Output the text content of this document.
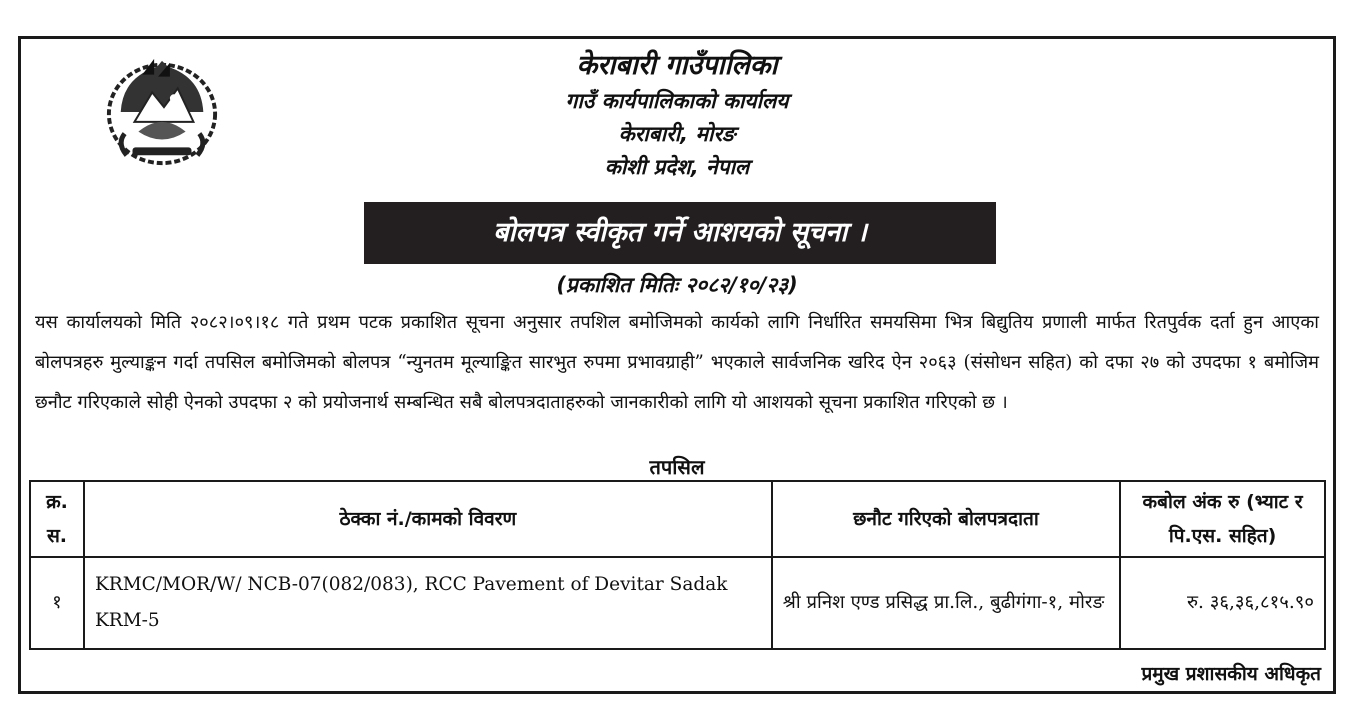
केराबारी गाउँपालिका
गाउँ कार्यपालिकाको कार्यालय
केराबारी, मोरङ
कोशी प्रदेश, नेपाल
बोलपत्र स्वीकृत गर्ने आशयको सूचना ।
(प्रकाशित मितिः २०८२/१०/२३)
यस कार्यालयको मिति २०८२।०९।१८ गते प्रथम पटक प्रकाशित सूचना अनुसार तपशिल बमोजिमको कार्यको लागि निर्धारित समयसिमा भित्र बिद्युतिय प्रणाली मार्फत रितपुर्वक दर्ता हुन आएका बोलपत्रहरु मुल्याङ्कन गर्दा तपसिल बमोजिमको बोलपत्र “न्युनतम मूल्याङ्कित सारभुत रुपमा प्रभावग्राही” भएकाले सार्वजनिक खरिद ऐन २०६३ (संसोधन सहित) को दफा २७ को उपदफा १ बमोजिम छनौट गरिएकाले सोही ऐनको उपदफा २ को प्रयोजनार्थ सम्बन्धित सबै बोलपत्रदाताहरुको जानकारीको लागि यो आशयको सूचना प्रकाशित गरिएको छ ।
तपसिल
क्र. स.	ठेक्का नं./कामको विवरण	छनौट गरिएको बोलपत्रदाता	कबोल अंक रु (भ्याट र पि.एस. सहित)
१	KRMC/MOR/W/ NCB-07(082/083), RCC Pavement of Devitar Sadak KRM-5	श्री प्रनिश एण्ड प्रसिद्ध प्रा.लि., बुढीगंगा-१, मोरङ	रु. ३६,३६,८१५.९०
प्रमुख प्रशासकीय अधिकृत
